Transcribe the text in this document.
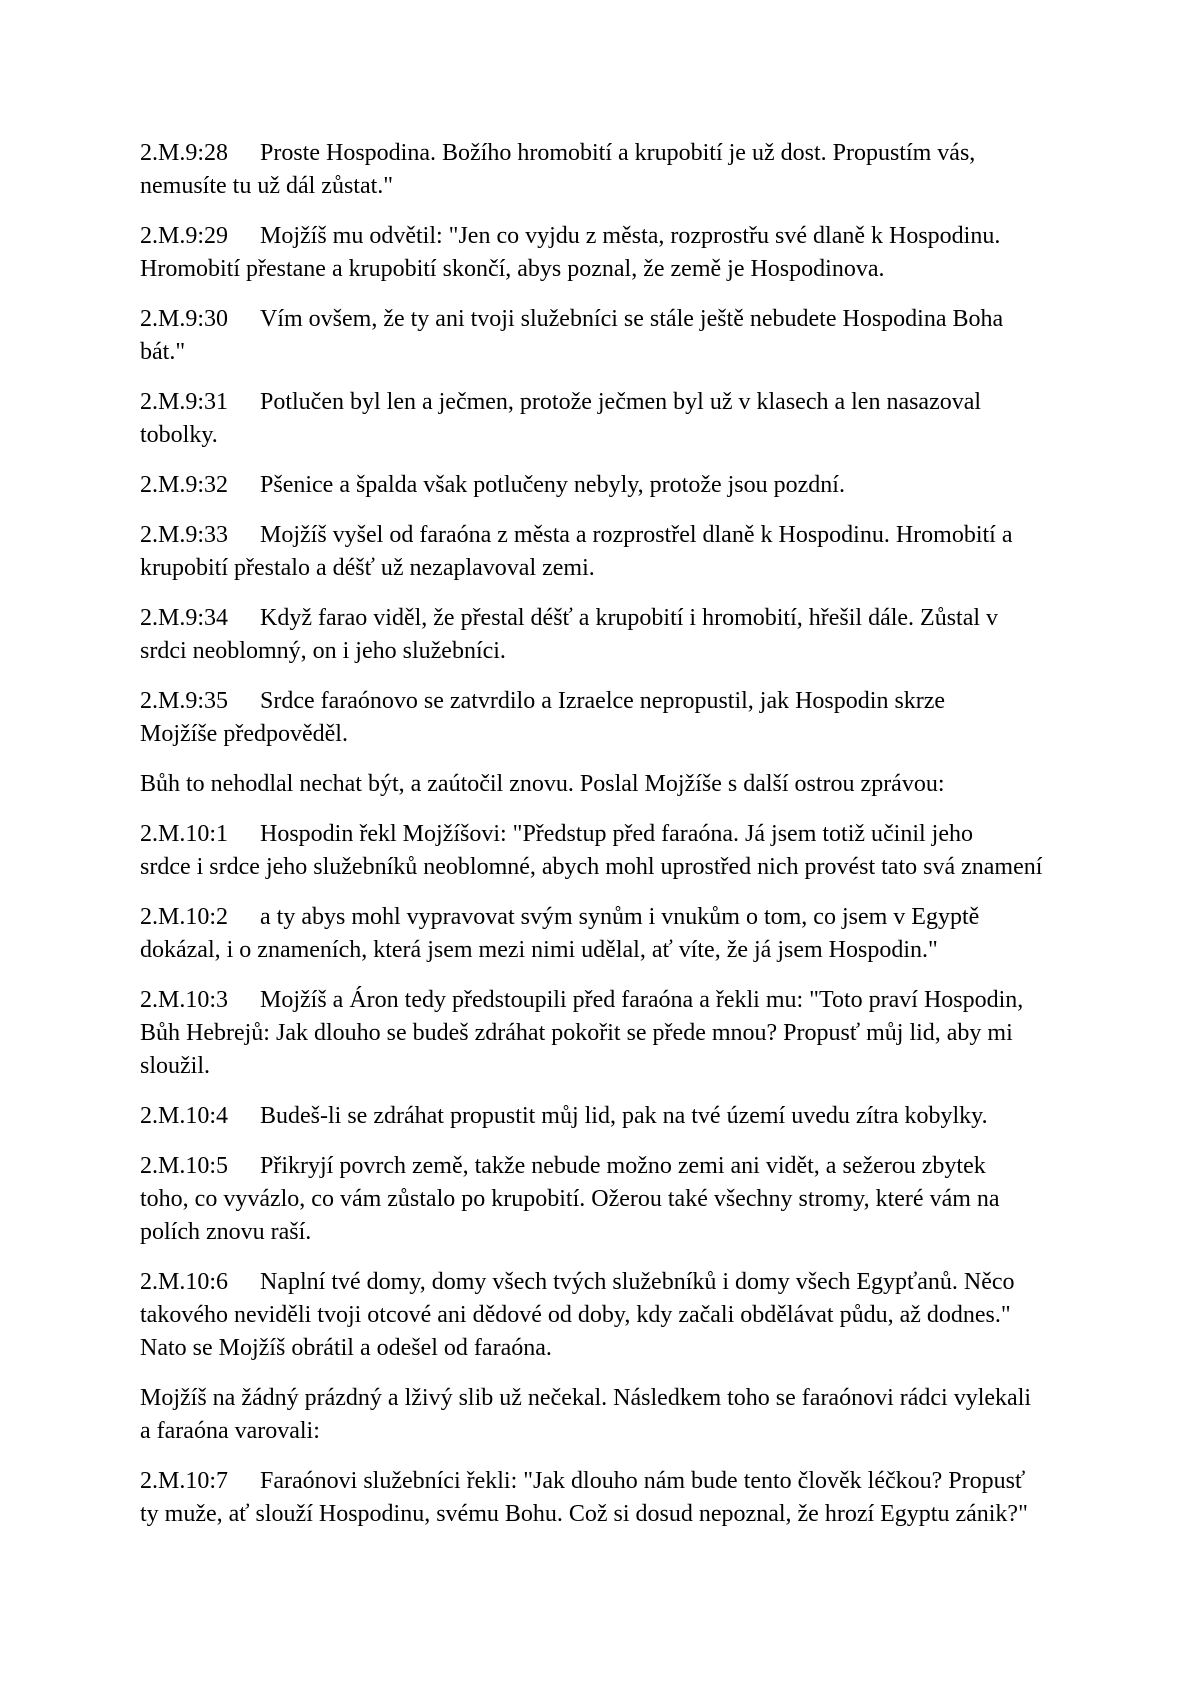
2.M.9:28 Proste Hospodina. Božího hromobití a krupobití je už dost. Propustím vás,
nemusíte tu už dál zůstat."

2.M.9:29 Mojžíš mu odvětil: "Jen co vyjdu z města, rozprostřu své dlaně k Hospodinu.
Hromobití přestane a krupobití skončí, abys poznal, že země je Hospodinova.

2.M.9:30 Vím ovšem, že ty ani tvoji služebníci se stále ještě nebudete Hospodina Boha
bát."

2.M.9:31 Potlučen byl len a ječmen, protože ječmen byl už v klasech a len nasazoval
tobolky.

2.M.9:32 Pšenice a špalda však potlučeny nebyly, protože jsou pozdní.

2.M.9:33 Mojžíš vyšel od faraóna z města a rozprostřel dlaně k Hospodinu. Hromobití a
krupobití přestalo a déšť už nezaplavoval zemi.

2.M.9:34 Když farao viděl, že přestal déšť a krupobití i hromobití, hřešil dále. Zůstal v
srdci neoblomný, on i jeho služebníci.

2.M.9:35 Srdce faraónovo se zatvrdilo a Izraelce nepropustil, jak Hospodin skrze
Mojžíše předpověděl.

Bůh to nehodlal nechat být, a zaútočil znovu. Poslal Mojžíše s další ostrou zprávou:

2.M.10:1 Hospodin řekl Mojžíšovi: "Předstup před faraóna. Já jsem totiž učinil jeho
srdce i srdce jeho služebníků neoblomné, abych mohl uprostřed nich provést tato svá znamení

2.M.10:2 a ty abys mohl vypravovat svým synům i vnukům o tom, co jsem v Egyptě
dokázal, i o znameních, která jsem mezi nimi udělal, ať víte, že já jsem Hospodin."

2.M.10:3 Mojžíš a Áron tedy předstoupili před faraóna a řekli mu: "Toto praví Hospodin,
Bůh Hebrejů: Jak dlouho se budeš zdráhat pokořit se přede mnou? Propusť můj lid, aby mi
sloužil.

2.M.10:4 Budeš-li se zdráhat propustit můj lid, pak na tvé území uvedu zítra kobylky.

2.M.10:5 Přikryjí povrch země, takže nebude možno zemi ani vidět, a sežerou zbytek
toho, co vyvázlo, co vám zůstalo po krupobití. Ožerou také všechny stromy, které vám na
polích znovu raší.

2.M.10:6 Naplní tvé domy, domy všech tvých služebníků i domy všech Egypťanů. Něco
takového neviděli tvoji otcové ani dědové od doby, kdy začali obdělávat půdu, až dodnes."
Nato se Mojžíš obrátil a odešel od faraóna.

Mojžíš na žádný prázdný a lživý slib už nečekal. Následkem toho se faraónovi rádci vylekali
a faraóna varovali:

2.M.10:7 Faraónovi služebníci řekli: "Jak dlouho nám bude tento člověk léčkou? Propusť
ty muže, ať slouží Hospodinu, svému Bohu. Což si dosud nepoznal, že hrozí Egyptu zánik?"
